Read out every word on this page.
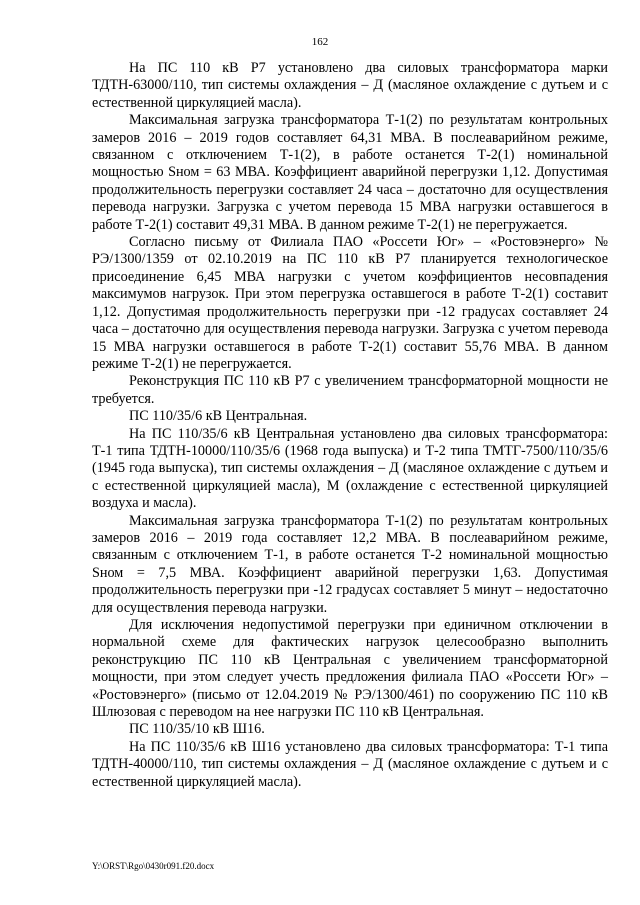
162

На ПС 110 кВ Р7 установлено два силовых трансформатора марки ТДТН-63000/110, тип системы охлаждения – Д (масляное охлаждение с дутьем и с естественной циркуляцией масла).

Максимальная загрузка трансформатора Т-1(2) по результатам контрольных замеров 2016 – 2019 годов составляет 64,31 МВА. В послеаварийном режиме, связанном с отключением Т-1(2), в работе останется Т-2(1) номинальной мощностью Sном = 63 МВА. Коэффициент аварийной перегрузки 1,12. Допустимая продолжительность перегрузки составляет 24 часа – достаточно для осуществления перевода нагрузки. Загрузка с учетом перевода 15 МВА нагрузки оставшегося в работе Т-2(1) составит 49,31 МВА. В данном режиме Т-2(1) не перегружается.

Согласно письму от Филиала ПАО «Россети Юг» – «Ростовэнерго» № РЭ/1300/1359 от 02.10.2019 на ПС 110 кВ Р7 планируется технологическое присоединение 6,45 МВА нагрузки с учетом коэффициентов несовпадения максимумов нагрузок. При этом перегрузка оставшегося в работе Т-2(1) составит 1,12. Допустимая продолжительность перегрузки при -12 градусах составляет 24 часа – достаточно для осуществления перевода нагрузки. Загрузка с учетом перевода 15 МВА нагрузки оставшегося в работе Т-2(1) составит 55,76 МВА. В данном режиме Т-2(1) не перегружается.

Реконструкция ПС 110 кВ Р7 с увеличением трансформаторной мощности не требуется.

ПС 110/35/6 кВ Центральная.

На ПС 110/35/6 кВ Центральная установлено два силовых трансформатора: Т-1 типа ТДТН-10000/110/35/6 (1968 года выпуска) и Т-2 типа ТМТГ-7500/110/35/6 (1945 года выпуска), тип системы охлаждения – Д (масляное охлаждение с дутьем и с естественной циркуляцией масла), М (охлаждение с естественной циркуляцией воздуха и масла).

Максимальная загрузка трансформатора Т-1(2) по результатам контрольных замеров 2016 – 2019 года составляет 12,2 МВА. В послеаварийном режиме, связанным с отключением Т-1, в работе останется Т-2 номинальной мощностью Sном = 7,5 МВА. Коэффициент аварийной перегрузки 1,63. Допустимая продолжительность перегрузки при -12 градусах составляет 5 минут – недостаточно для осуществления перевода нагрузки.

Для исключения недопустимой перегрузки при единичном отключении в нормальной схеме для фактических нагрузок целесообразно выполнить реконструкцию ПС 110 кВ Центральная с увеличением трансформаторной мощности, при этом следует учесть предложения филиала ПАО «Россети Юг» – «Ростовэнерго» (письмо от 12.04.2019 № РЭ/1300/461) по сооружению ПС 110 кВ Шлюзовая с переводом на нее нагрузки ПС 110 кВ Центральная.

ПС 110/35/10 кВ Ш16.

На ПС 110/35/6 кВ Ш16 установлено два силовых трансформатора: Т-1 типа ТДТН-40000/110, тип системы охлаждения – Д (масляное охлаждение с дутьем и с естественной циркуляцией масла).

Y:\ORST\Rgo\0430r091.f20.docx
